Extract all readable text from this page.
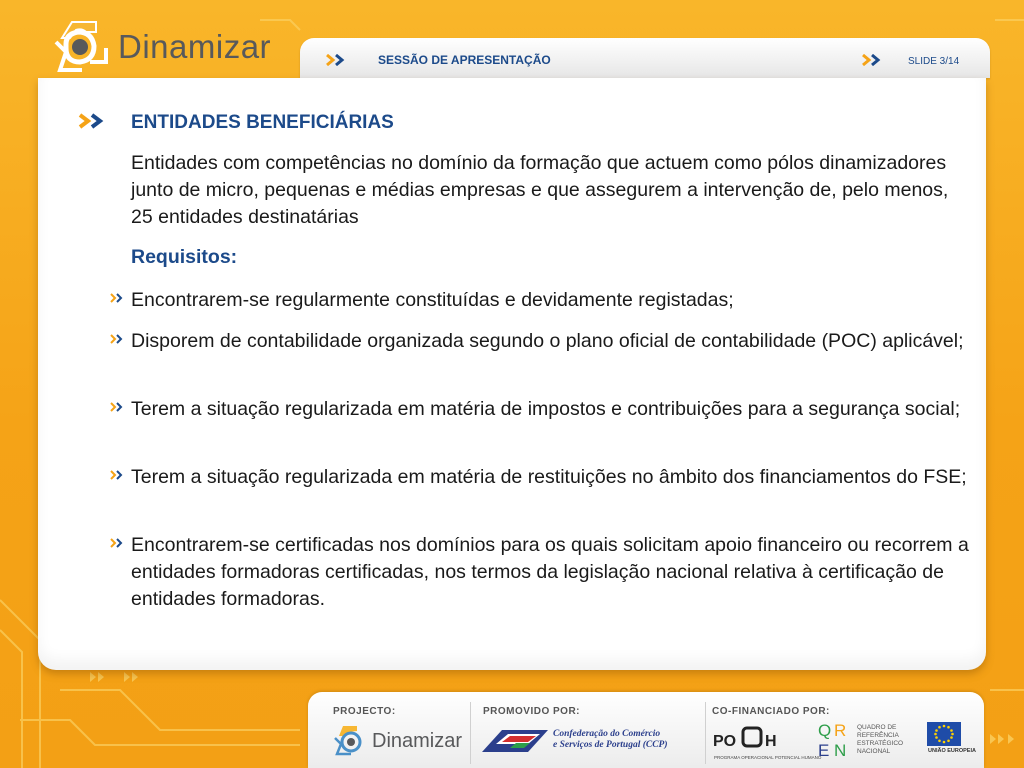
Dinamizar	SESSÃO DE APRESENTAÇÃO	SLIDE 3/14
ENTIDADES BENEFICIÁRIAS
Entidades com competências no domínio da formação que actuem como pólos dinamizadores junto de micro, pequenas e médias empresas e que assegurem a intervenção de, pelo menos, 25 entidades destinatárias
Requisitos:
Encontrarem-se regularmente constituídas e devidamente registadas;
Disporem de contabilidade organizada segundo o plano oficial de contabilidade (POC) aplicável;
Terem a situação regularizada em matéria de impostos e contribuições para a segurança social;
Terem a situação regularizada em matéria de restituições no âmbito dos financiamentos do FSE;
Encontrarem-se certificadas nos domínios para os quais solicitam apoio financeiro ou recorrem a entidades formadoras certificadas, nos termos da legislação nacional relativa à certificação de entidades formadoras.
PROJECTO:	PROMOVIDO POR:	CO-FINANCIADO POR:
Dinamizar	Confederação do Comércio
e Serviços de Portugal (CCP)	PO H
PROGRAMA OPERACIONAL POTENCIAL HUMANO
Q R
E N
QUADRO DE REFERÊNCIA ESTRATÉGICO NACIONAL	UNIÃO EUROPEIA
